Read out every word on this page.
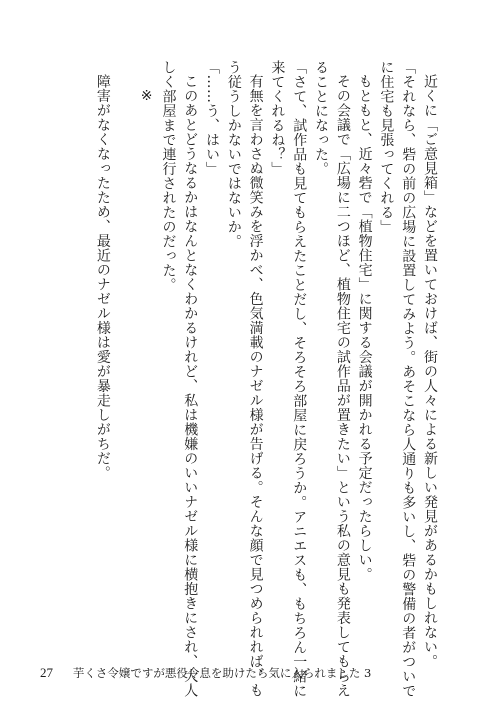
近くに「ご意見箱」などを置いておけば、街の人々による新しい発見があるかもしれない。
「それなら、砦の前の広場に設置してみよう。あそこなら人通りも多いし、砦の警備の者がついで
に住宅も見張ってくれる」
もともと、近々砦で「植物住宅」に関する会議が開かれる予定だったらしい。
その会議で「広場に二つほど、植物住宅の試作品が置きたい」という私の意見も発表してもらえ
ることになった。
「さて、試作品も見てもらえたことだし、そろそろ部屋に戻ろうか。アニエスも、もちろん一緒に
来てくれるね？」
有無を言わさぬ微笑みを浮かべ、色気満載のナゼル様が告げる。そんな顔で見つめられれば、も
う従うしかないではないか。
「……う、はい」
このあとどうなるかはなんとなくわかるけれど、私は機嫌のいいナゼル様に横抱きにされ、大人
しく部屋まで連行されたのだった。
※
障害がなくなったため、最近のナゼル様は愛が暴走しがちだ。
27 芋くさ令嬢ですが悪役令息を助けたら気に入られました 3
